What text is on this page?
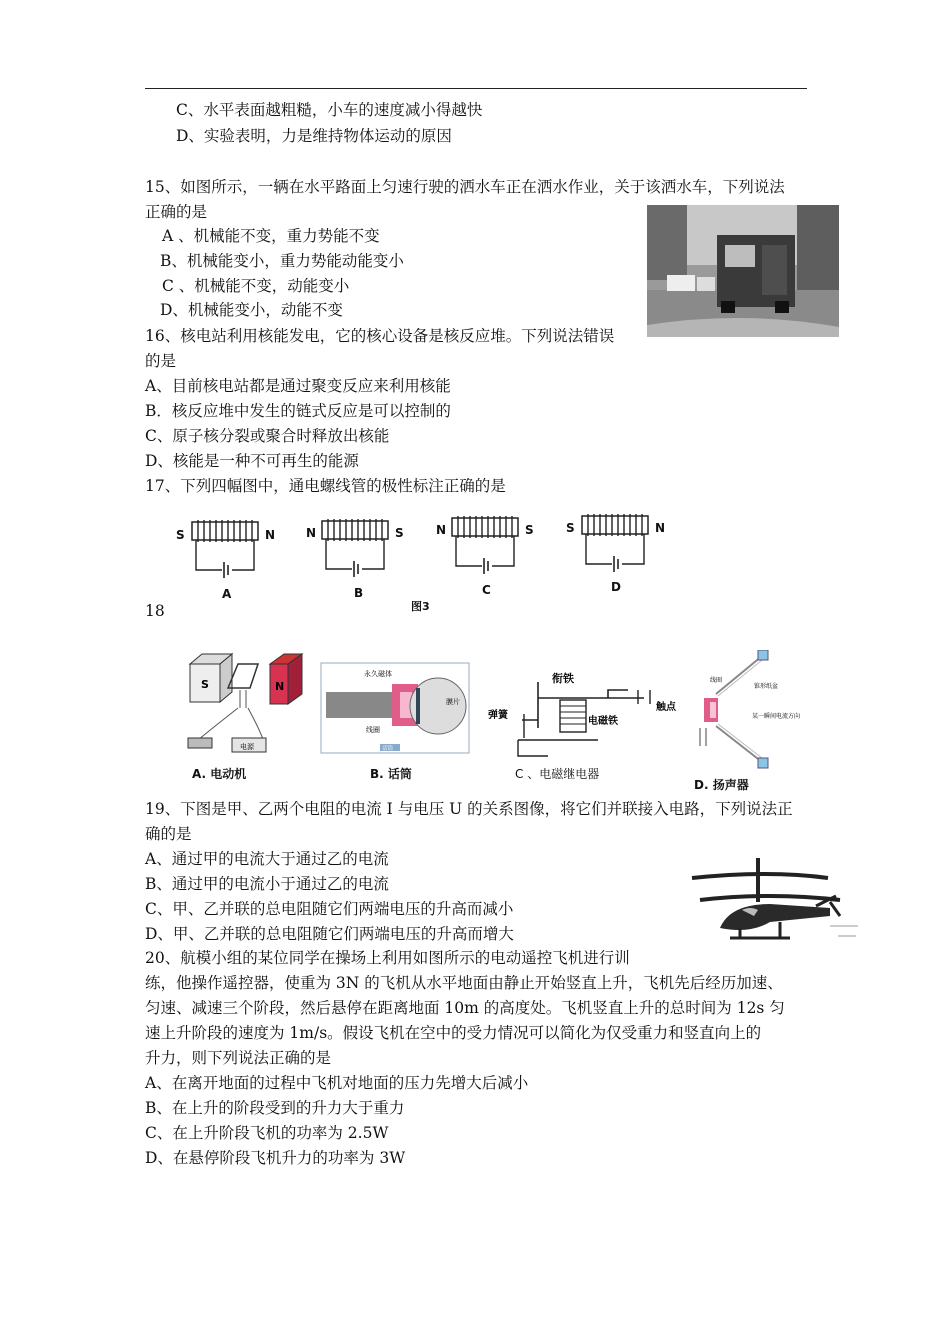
C、水平表面越粗糙，小车的速度减小得越快
D、实验表明，力是维持物体运动的原因
15、如图所示，一辆在水平路面上匀速行驶的洒水车正在洒水作业，关于该洒水车，下列说法
正确的是
A 、机械能不变，重力势能不变
B、机械能变小，重力势能动能变小
C 、机械能不变，动能变小
D、机械能变小，动能不变
16、核电站利用核能发电，它的核心设备是核反应堆。下列说法错误
的是
A、目前核电站都是通过聚变反应来利用核能
B．核反应堆中发生的链式反应是可以控制的
C、原子核分裂或聚合时释放出核能
D、核能是一种不可再生的能源
17、下列四幅图中，通电螺线管的极性标注正确的是
S	N
A
N	S
B
N	S
C
S	N
D
图3
18
S	N
电源
A. 电动机
永久磁体
线圈
膜片
话筒
B. 话筒
衔铁
弹簧
触点
电磁铁
C 、电磁继电器
线圈
锥形纸盆
某一瞬间电流方向
D. 扬声器
19、下图是甲、乙两个电阻的电流 I 与电压 U 的关系图像，将它们并联接入电路，下列说法正
确的是
A、通过甲的电流大于通过乙的电流
B、通过甲的电流小于通过乙的电流
C、甲、乙并联的总电阻随它们两端电压的升高而减小
D、甲、乙并联的总电阻随它们两端电压的升高而增大
20、航模小组的某位同学在操场上利用如图所示的电动遥控飞机进行训
练，他操作遥控器，使重为 3N 的飞机从水平地面由静止开始竖直上升，飞机先后经历加速、
匀速、减速三个阶段，然后悬停在距离地面 10m 的高度处。飞机竖直上升的总时间为 12s 匀
速上升阶段的速度为 1m/s。假设飞机在空中的受力情况可以简化为仅受重力和竖直向上的
升力，则下列说法正确的是
A、在离开地面的过程中飞机对地面的压力先增大后减小
B、在上升的阶段受到的升力大于重力
C、在上升阶段飞机的功率为 2.5W
D、在悬停阶段飞机升力的功率为 3W
